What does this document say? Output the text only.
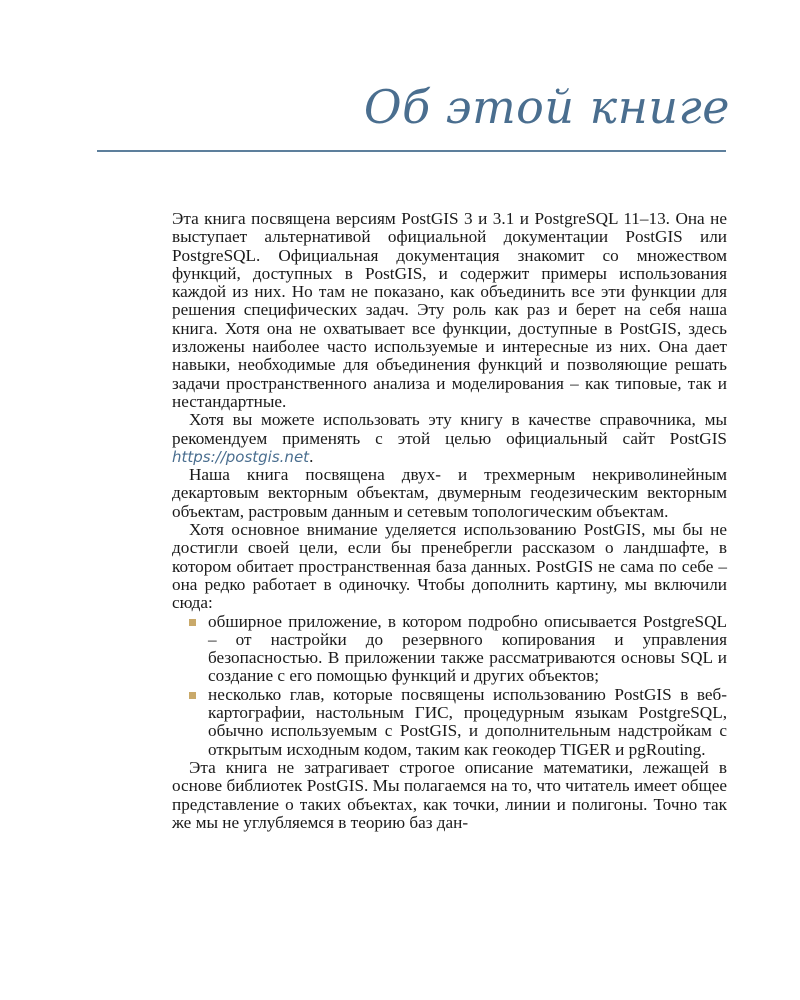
Об этой книге

Эта книга посвящена версиям PostGIS 3 и 3.1 и PostgreSQL 11–13. Она не выступает альтернативой официальной документации PostGIS или PostgreSQL. Официальная документация знакомит со множеством функций, доступных в PostGIS, и содержит примеры использования каждой из них. Но там не показано, как объединить все эти функции для решения специфических задач. Эту роль как раз и берет на себя наша книга. Хотя она не охватывает все функции, доступные в PostGIS, здесь изложены наиболее часто используемые и интересные из них. Она дает навыки, необходимые для объединения функций и позволяющие решать задачи пространственного анализа и моделирования – как типовые, так и нестандартные.

Хотя вы можете использовать эту книгу в качестве справочника, мы рекомендуем применять с этой целью официальный сайт PostGIS https://postgis.net.

Наша книга посвящена двух- и трехмерным некриволинейным декартовым векторным объектам, двумерным геодезическим векторным объектам, растровым данным и сетевым топологическим объектам.

Хотя основное внимание уделяется использованию PostGIS, мы бы не достигли своей цели, если бы пренебрегли рассказом о ландшафте, в котором обитает пространственная база данных. PostGIS не сама по себе – она редко работает в одиночку. Чтобы дополнить картину, мы включили сюда:

обширное приложение, в котором подробно описывается PostgreSQL – от настройки до резервного копирования и управления безопасностью. В приложении также рассматриваются основы SQL и создание с его помощью функций и других объектов;
несколько глав, которые посвящены использованию PostGIS в веб-картографии, настольным ГИС, процедурным языкам PostgreSQL, обычно используемым с PostGIS, и дополнительным надстройкам с открытым исходным кодом, таким как геокодер TIGER и pgRouting.

Эта книга не затрагивает строгое описание математики, лежащей в основе библиотек PostGIS. Мы полагаемся на то, что читатель имеет общее представление о таких объектах, как точки, линии и полигоны. Точно так же мы не углубляемся в теорию баз дан-
